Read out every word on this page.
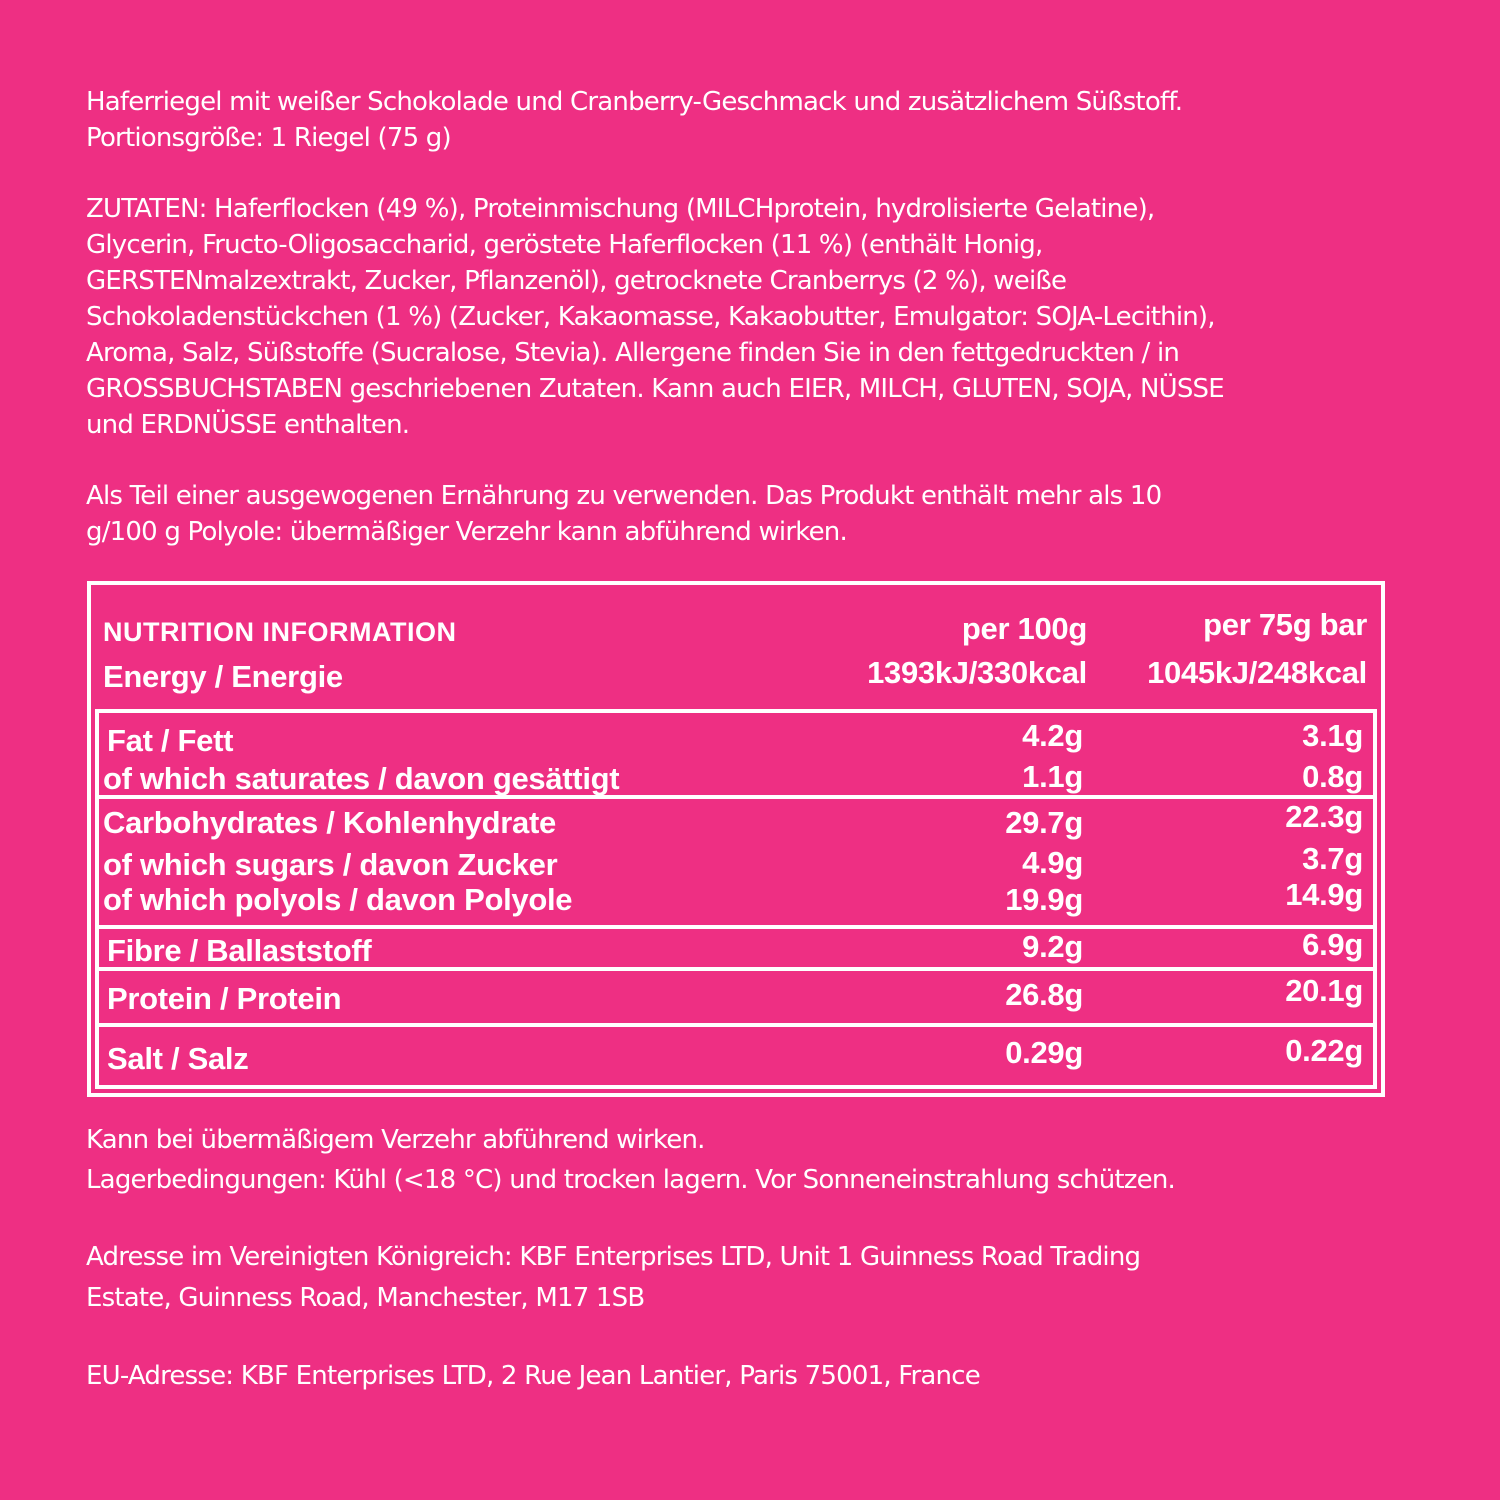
Haferriegel mit weißer Schokolade und Cranberry-Geschmack und zusätzlichem Süßstoff.
Portionsgröße: 1 Riegel (75 g)
ZUTATEN: Haferflocken (49 %), Proteinmischung (MILCHprotein, hydrolisierte Gelatine),
Glycerin, Fructo-Oligosaccharid, geröstete Haferflocken (11 %) (enthält Honig,
GERSTENmalzextrakt, Zucker, Pflanzenöl), getrocknete Cranberrys (2 %), weiße
Schokoladenstückchen (1 %) (Zucker, Kakaomasse, Kakaobutter, Emulgator: SOJA-Lecithin),
Aroma, Salz, Süßstoffe (Sucralose, Stevia). Allergene finden Sie in den fettgedruckten / in
GROSSBUCHSTABEN geschriebenen Zutaten. Kann auch EIER, MILCH, GLUTEN, SOJA, NÜSSE
und ERDNÜSSE enthalten.
Als Teil einer ausgewogenen Ernährung zu verwenden. Das Produkt enthält mehr als 10
g/100 g Polyole: übermäßiger Verzehr kann abführend wirken.
NUTRITION INFORMATION	per 100g	per 75g bar
Energy / Energie	1393kJ/330kcal 1045kJ/248kcal
Fat / Fett	4.2g	3.1g
of which saturates / davon gesättigt	1.1g	0.8g
Carbohydrates / Kohlenhydrate	29.7g	22.3g
of which sugars / davon Zucker	4.9g	3.7g
of which polyols / davon Polyole	19.9g	14.9g
Fibre / Ballaststoff	9.2g	6.9g
Protein / Protein	26.8g	20.1g
Salt / Salz	0.29g	0.22g
Kann bei übermäßigem Verzehr abführend wirken.
Lagerbedingungen: Kühl (<18 °C) und trocken lagern. Vor Sonneneinstrahlung schützen.
Adresse im Vereinigten Königreich: KBF Enterprises LTD, Unit 1 Guinness Road Trading
Estate, Guinness Road, Manchester, M17 1SB
EU-Adresse: KBF Enterprises LTD, 2 Rue Jean Lantier, Paris 75001, France
